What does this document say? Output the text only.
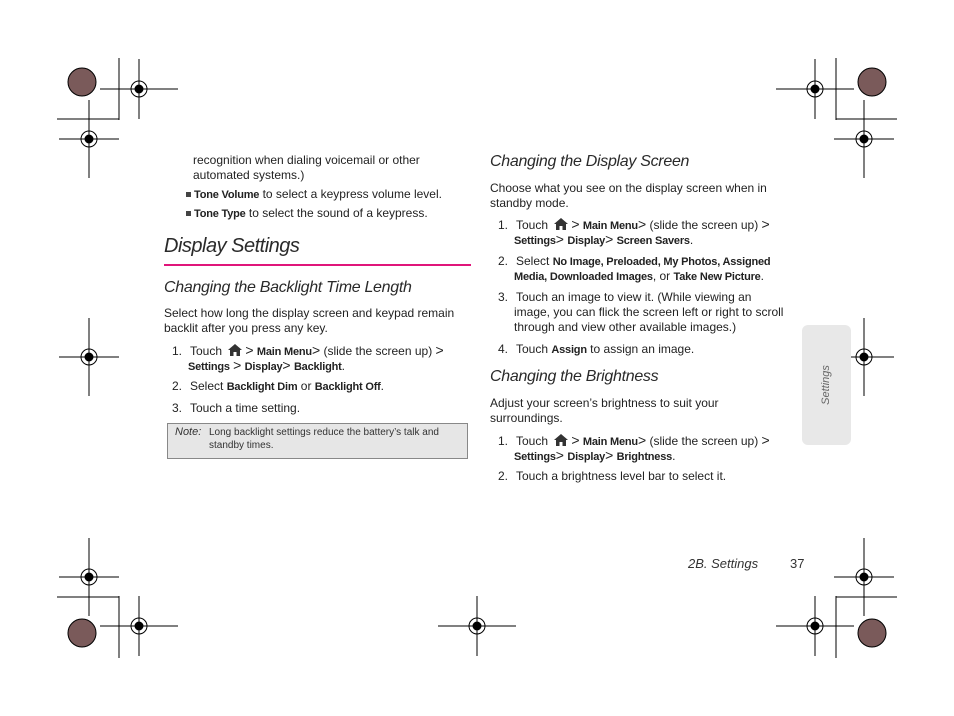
recognition when dialing voicemail or other
automated systems.)
Tone Volume to select a keypress volume level.
Tone Type to select the sound of a keypress.
Display Settings
Changing the Backlight Time Length
Select how long the display screen and keypad remain
backlit after you press any key.
1. Touch > Main Menu> (slide the screen up) >
Settings > Display> Backlight.
2. Select Backlight Dim or Backlight Off.
3. Touch a time setting.
Note: Long backlight settings reduce the battery’s talk and
standby times.
Changing the Display Screen
Choose what you see on the display screen when in
standby mode.
1. Touch > Main Menu> (slide the screen up) >
Settings> Display> Screen Savers.
2. Select No Image, Preloaded, My Photos, Assigned
Media, Downloaded Images, or Take New Picture.
3. Touch an image to view it. (While viewing an
image, you can flick the screen left or right to scroll
through and view other available images.)
4. Touch Assign to assign an image.
Changing the Brightness
Adjust your screen’s brightness to suit your
surroundings.
1. Touch > Main Menu> (slide the screen up) >
Settings> Display> Brightness.
2. Touch a brightness level bar to select it.
Settings
2B. Settings 37
